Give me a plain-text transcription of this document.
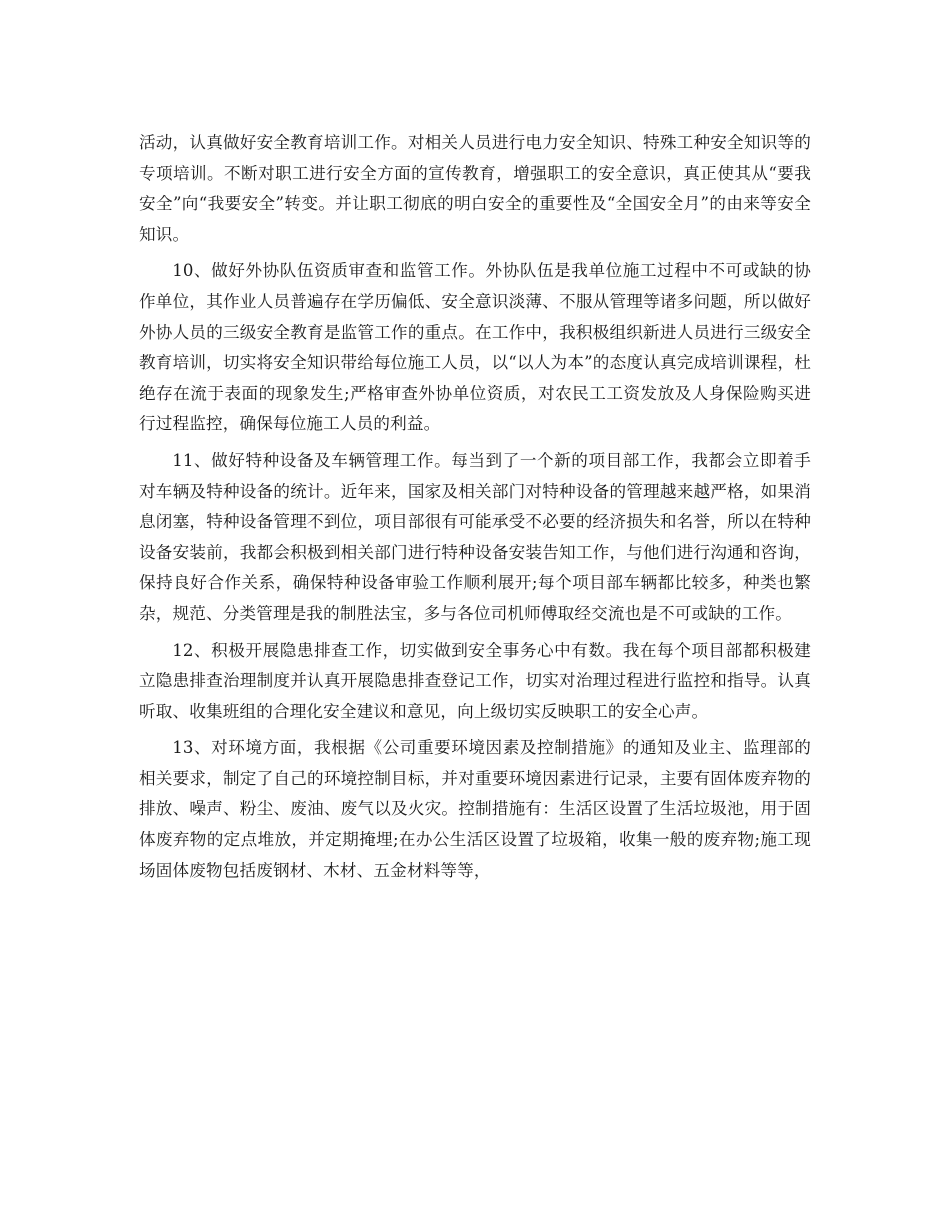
活动，认真做好安全教育培训工作。对相关人员进行电力安全知识、特殊工种安全知识等的专项培训。不断对职工进行安全方面的宣传教育，增强职工的安全意识，真正使其从“要我安全”向“我要安全”转变。并让职工彻底的明白安全的重要性及“全国安全月”的由来等安全知识。

10、做好外协队伍资质审查和监管工作。外协队伍是我单位施工过程中不可或缺的协作单位，其作业人员普遍存在学历偏低、安全意识淡薄、不服从管理等诸多问题，所以做好外协人员的三级安全教育是监管工作的重点。在工作中，我积极组织新进人员进行三级安全教育培训，切实将安全知识带给每位施工人员，以“以人为本”的态度认真完成培训课程，杜绝存在流于表面的现象发生;严格审查外协单位资质，对农民工工资发放及人身保险购买进行过程监控，确保每位施工人员的利益。

11、做好特种设备及车辆管理工作。每当到了一个新的项目部工作，我都会立即着手对车辆及特种设备的统计。近年来，国家及相关部门对特种设备的管理越来越严格，如果消息闭塞，特种设备管理不到位，项目部很有可能承受不必要的经济损失和名誉，所以在特种设备安装前，我都会积极到相关部门进行特种设备安装告知工作，与他们进行沟通和咨询，保持良好合作关系，确保特种设备审验工作顺利展开;每个项目部车辆都比较多，种类也繁杂，规范、分类管理是我的制胜法宝，多与各位司机师傅取经交流也是不可或缺的工作。

12、积极开展隐患排查工作，切实做到安全事务心中有数。我在每个项目部都积极建立隐患排查治理制度并认真开展隐患排查登记工作，切实对治理过程进行监控和指导。认真听取、收集班组的合理化安全建议和意见，向上级切实反映职工的安全心声。

13、对环境方面，我根据《公司重要环境因素及控制措施》的通知及业主、监理部的相关要求，制定了自己的环境控制目标，并对重要环境因素进行记录，主要有固体废弃物的排放、噪声、粉尘、废油、废气以及火灾。控制措施有：生活区设置了生活垃圾池，用于固体废弃物的定点堆放，并定期掩埋;在办公生活区设置了垃圾箱，收集一般的废弃物;施工现场固体废物包括废钢材、木材、五金材料等等，
